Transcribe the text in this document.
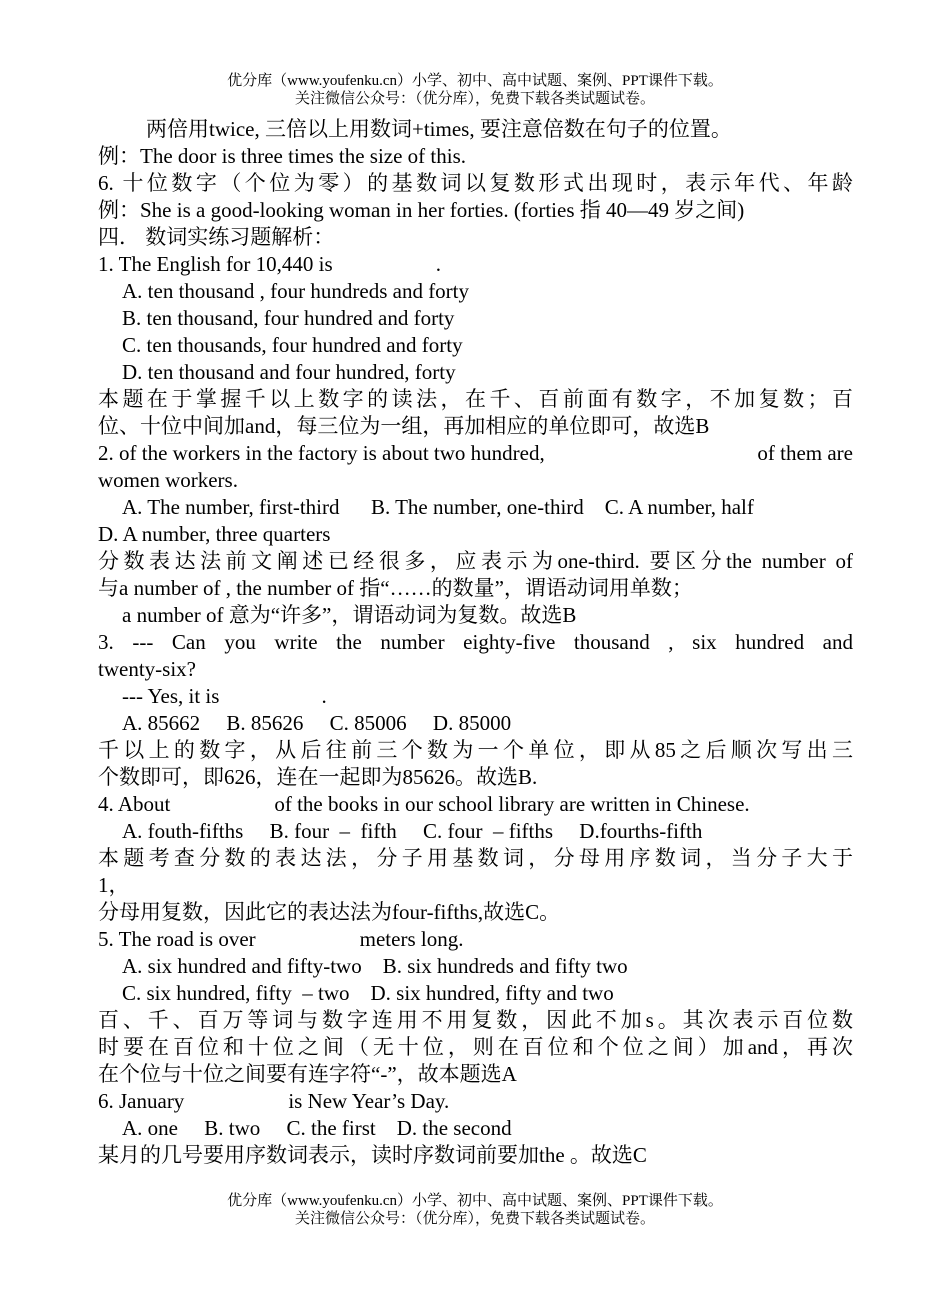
优分库（www.youfenku.cn）小学、初中、高中试题、案例、PPT课件下载。
关注微信公众号：（优分库），免费下载各类试题试卷。
两倍用twice, 三倍以上用数词+times, 要注意倍数在句子的位置。
例：The door is three times the size of this.
6. 十位数字（个位为零）的基数词以复数形式出现时，表示年代、年龄
例：She is a good-looking woman in her forties. (forties 指 40—49 岁之间)
四． 数词实练习题解析：
1. The English for 10,440 is	.
A. ten thousand , four hundreds and forty
B. ten thousand, four hundred and forty
C. ten thousands, four hundred and forty
D. ten thousand and four hundred, forty
本题在于掌握千以上数字的读法，在千、百前面有数字，不加复数；百
位、十位中间加and，每三位为一组，再加相应的单位即可，故选B
2. of the workers in the factory is about two hundred,	of them are
women workers.
A. The number, first-third      B. The number, one-third    C. A number, half
D. A number, three quarters
分数表达法前文阐述已经很多，应表示为one-third. 要区分the number of
与a number of , the number of 指“……的数量”，谓语动词用单数；
a number of 意为“许多”，谓语动词为复数。故选B
3. --- Can you write the number eighty-five thousand , six hundred and
twenty-six?
--- Yes, it is	.
A. 85662     B. 85626     C. 85006     D. 85000
千以上的数字，从后往前三个数为一个单位，即从85之后顺次写出三
个数即可，即626，连在一起即为85626。故选B.
4. About	of the books in our school library are written in Chinese.
A. fouth-fifths     B. four  –  fifth     C. four  – fifths     D.fourths-fifth
本题考查分数的表达法，分子用基数词，分母用序数词，当分子大于
1，
分母用复数，因此它的表达法为four-fifths,故选C。
5. The road is over	meters long.
A. six hundred and fifty-two    B. six hundreds and fifty two
C. six hundred, fifty  – two    D. six hundred, fifty and two
百、千、百万等词与数字连用不用复数，因此不加s。其次表示百位数
时要在百位和十位之间（无十位，则在百位和个位之间）加and，再次
在个位与十位之间要有连字符“-”，故本题选A
6. January	is New Year’s Day.
A. one     B. two     C. the first    D. the second
某月的几号要用序数词表示，读时序数词前要加the 。故选C
优分库（www.youfenku.cn）小学、初中、高中试题、案例、PPT课件下载。
关注微信公众号：（优分库），免费下载各类试题试卷。
